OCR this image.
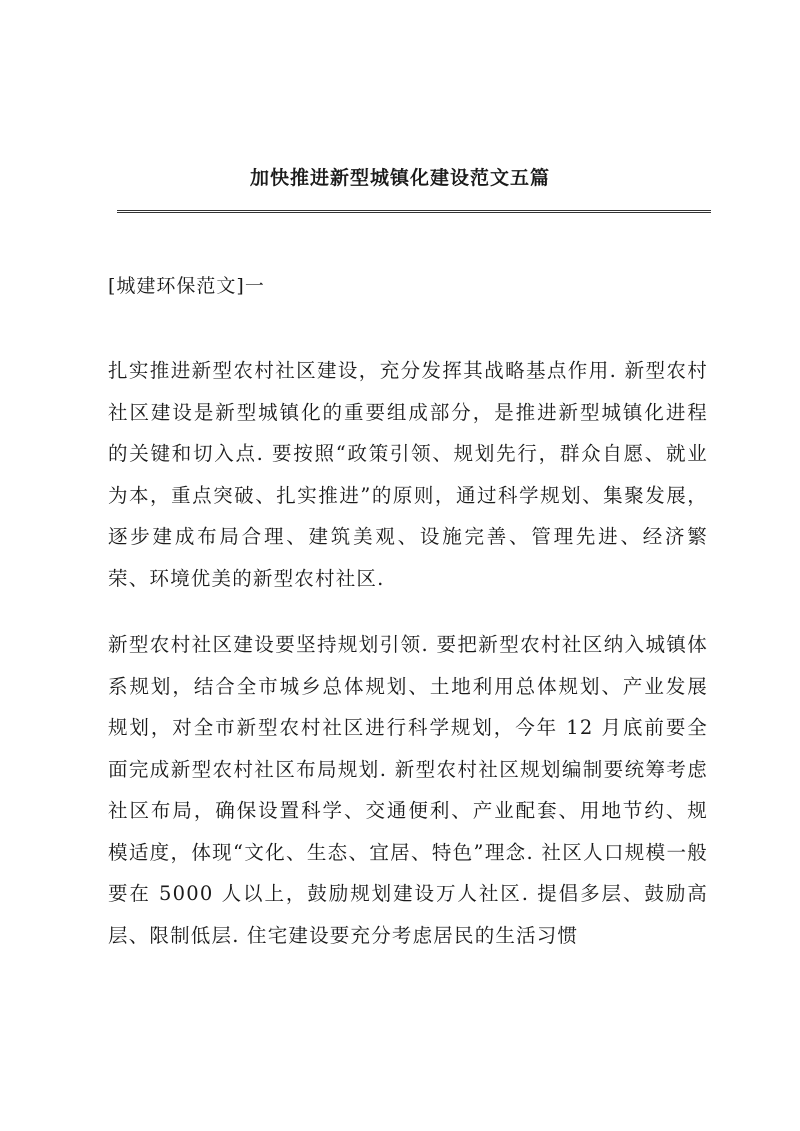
加快推进新型城镇化建设范文五篇

[城建环保范文]一

扎实推进新型农村社区建设，充分发挥其战略基点作用. 新型农村社区建设是新型城镇化的重要组成部分，是推进新型城镇化进程的关键和切入点. 要按照“政策引领、规划先行，群众自愿、就业为本，重点突破、扎实推进”的原则，通过科学规划、集聚发展，逐步建成布局合理、建筑美观、设施完善、管理先进、经济繁荣、环境优美的新型农村社区.

新型农村社区建设要坚持规划引领. 要把新型农村社区纳入城镇体系规划，结合全市城乡总体规划、土地利用总体规划、产业发展规划，对全市新型农村社区进行科学规划，今年 12 月底前要全面完成新型农村社区布局规划. 新型农村社区规划编制要统筹考虑社区布局，确保设置科学、交通便利、产业配套、用地节约、规模适度，体现“文化、生态、宜居、特色”理念. 社区人口规模一般要在 5000 人以上，鼓励规划建设万人社区. 提倡多层、鼓励高层、限制低层. 住宅建设要充分考虑居民的生活习惯
